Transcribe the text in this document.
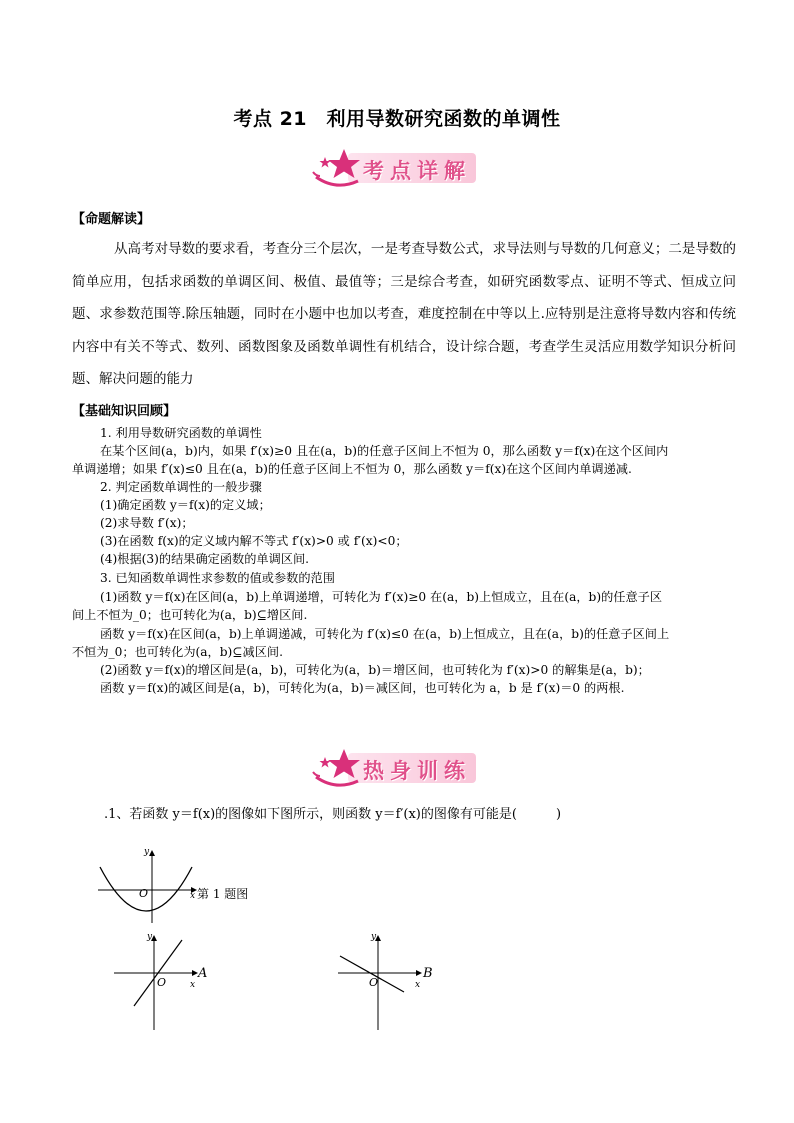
考点 21　利用导数研究函数的单调性
考点详解
【命题解读】
从高考对导数的要求看，考查分三个层次，一是考查导数公式，求导法则与导数的几何意义；二是导数的简单应用，包括求函数的单调区间、极值、最值等；三是综合考查，如研究函数零点、证明不等式、恒成立问题、求参数范围等.除压轴题，同时在小题中也加以考查，难度控制在中等以上.应特别是注意将导数内容和传统内容中有关不等式、数列、函数图象及函数单调性有机结合，设计综合题，考查学生灵活应用数学知识分析问题、解决问题的能力
【基础知识回顾】
1. 利用导数研究函数的单调性
在某个区间(a，b)内，如果 f′(x)≥0 且在(a，b)的任意子区间上不恒为 0，那么函数 y＝f(x)在这个区间内
单调递增；如果 f′(x)≤0 且在(a，b)的任意子区间上不恒为 0，那么函数 y＝f(x)在这个区间内单调递减.
2. 判定函数单调性的一般步骤
(1)确定函数 y＝f(x)的定义域；
(2)求导数 f′(x)；
(3)在函数 f(x)的定义域内解不等式 f′(x)>0 或 f′(x)<0；
(4)根据(3)的结果确定函数的单调区间.
3. 已知函数单调性求参数的值或参数的范围
(1)函数 y＝f(x)在区间(a，b)上单调递增，可转化为 f′(x)≥0 在(a，b)上恒成立，且在(a，b)的任意子区
间上不恒为_0；也可转化为(a，b)⊆增区间.
函数 y＝f(x)在区间(a，b)上单调递减，可转化为 f′(x)≤0 在(a，b)上恒成立，且在(a，b)的任意子区间上
不恒为_0；也可转化为(a，b)⊆减区间.
(2)函数 y＝f(x)的增区间是(a，b)，可转化为(a，b)＝增区间，也可转化为 f′(x)>0 的解集是(a，b)；
函数 y＝f(x)的减区间是(a，b)，可转化为(a，b)＝减区间，也可转化为 a，b 是 f′(x)＝0 的两根.
热身训练
.1、若函数 y＝f(x)的图像如下图所示，则函数 y＝f′(x)的图像有可能是(　　　)
y
O	x 第 1 题图
y
O	x
A
y
O	x
B
